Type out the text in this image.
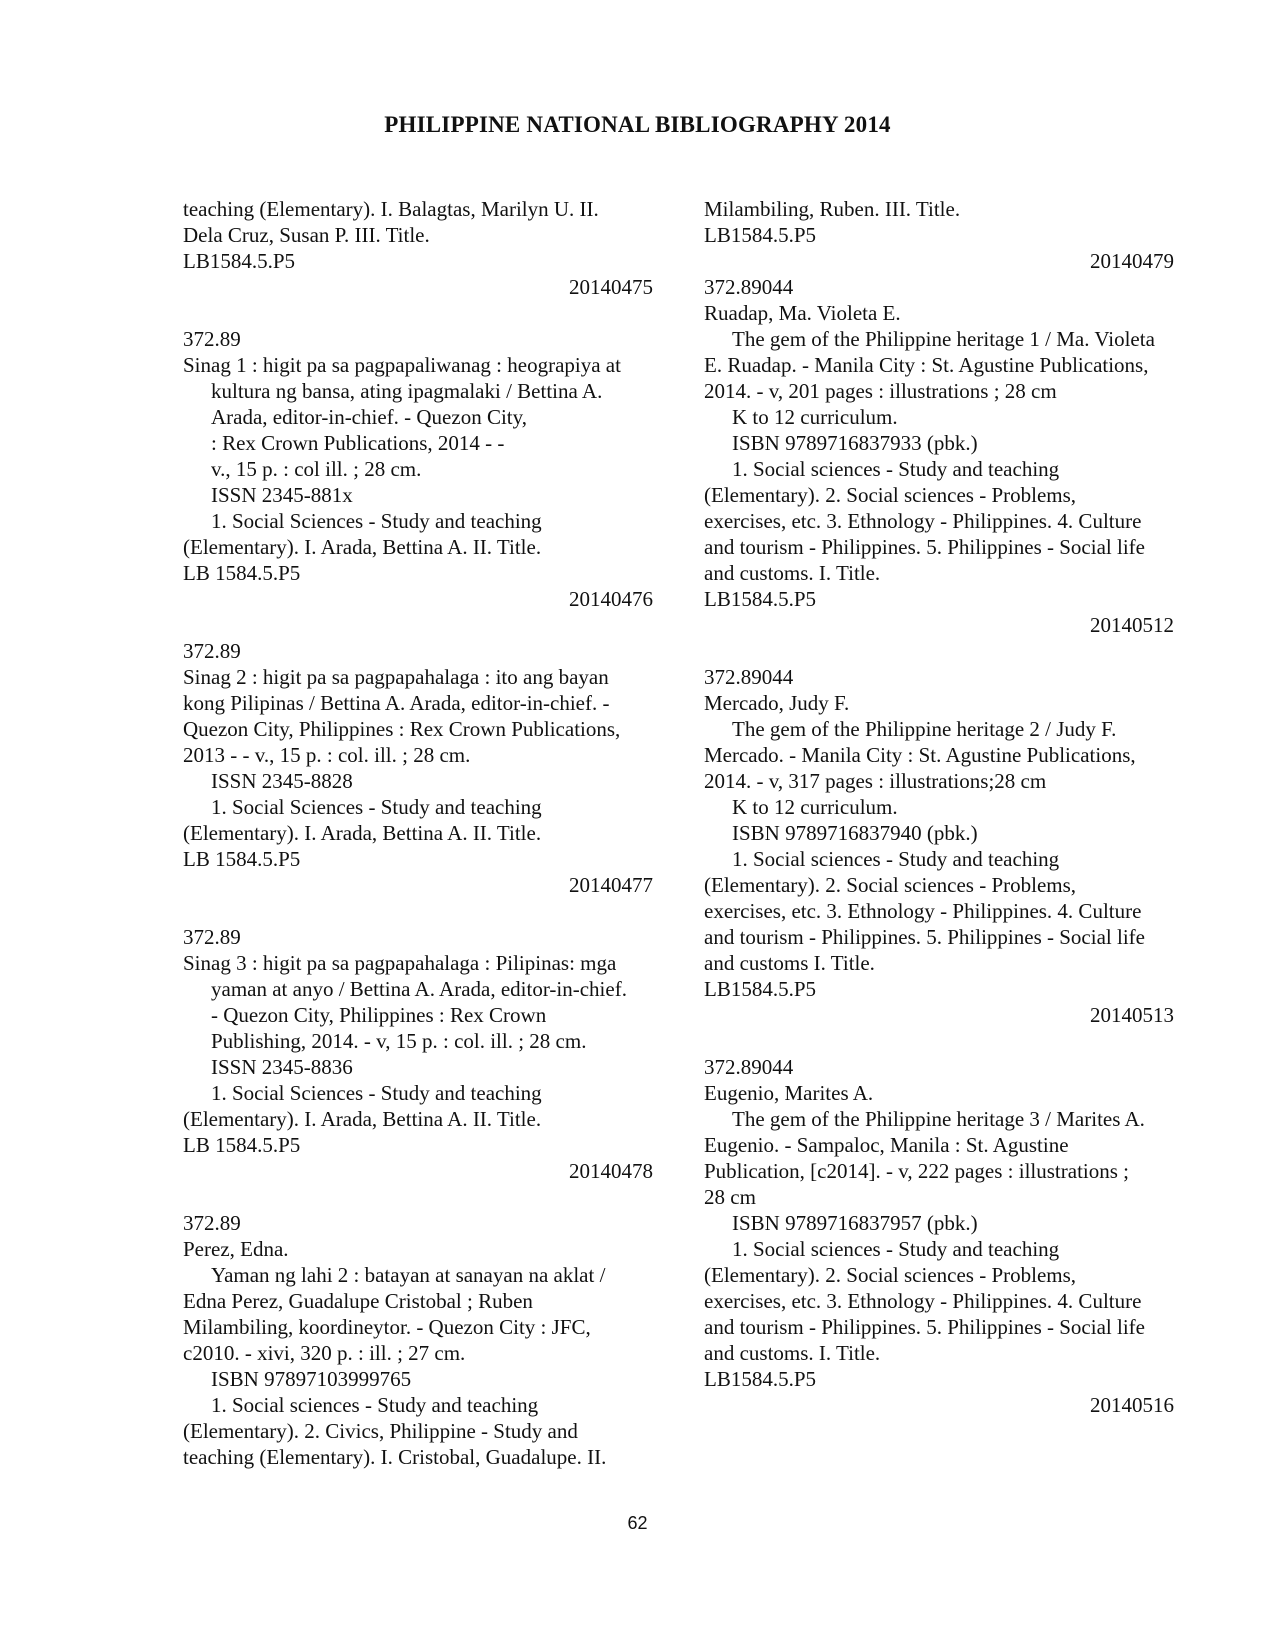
PHILIPPINE NATIONAL BIBLIOGRAPHY 2014
teaching (Elementary). I. Balagtas, Marilyn U. II.
Dela Cruz, Susan P. III. Title.
LB1584.5.P5
20140475
372.89
Sinag 1 : higit pa sa pagpapaliwanag : heograpiya at
kultura ng bansa, ating ipagmalaki / Bettina A.
Arada, editor-in-chief. - Quezon City,
: Rex Crown Publications, 2014 - -
v., 15 p. : col ill. ; 28 cm.
ISSN 2345-881x
1. Social Sciences - Study and teaching
(Elementary). I. Arada, Bettina A. II. Title.
LB 1584.5.P5
20140476
372.89
Sinag 2 : higit pa sa pagpapahalaga : ito ang bayan
kong Pilipinas / Bettina A. Arada, editor-in-chief. -
Quezon City, Philippines : Rex Crown Publications,
2013 - - v., 15 p. : col. ill. ; 28 cm.
ISSN 2345-8828
1. Social Sciences - Study and teaching
(Elementary). I. Arada, Bettina A. II. Title.
LB 1584.5.P5
20140477
372.89
Sinag 3 : higit pa sa pagpapahalaga : Pilipinas: mga
yaman at anyo / Bettina A. Arada, editor-in-chief.
- Quezon City, Philippines : Rex Crown
Publishing, 2014. - v, 15 p. : col. ill. ; 28 cm.
ISSN 2345-8836
1. Social Sciences - Study and teaching
(Elementary). I. Arada, Bettina A. II. Title.
LB 1584.5.P5
20140478
372.89
Perez, Edna.
Yaman ng lahi 2 : batayan at sanayan na aklat /
Edna Perez, Guadalupe Cristobal ; Ruben
Milambiling, koordineytor. - Quezon City : JFC,
c2010. - xivi, 320 p. : ill. ; 27 cm.
ISBN 97897103999765
1. Social sciences - Study and teaching
(Elementary). 2. Civics, Philippine - Study and
teaching (Elementary). I. Cristobal, Guadalupe. II.
Milambiling, Ruben. III. Title.
LB1584.5.P5
20140479
372.89044
Ruadap, Ma. Violeta E.
The gem of the Philippine heritage 1 / Ma. Violeta
E. Ruadap. - Manila City : St. Agustine Publications,
2014. - v, 201 pages : illustrations ; 28 cm
K to 12 curriculum.
ISBN 9789716837933 (pbk.)
1. Social sciences - Study and teaching
(Elementary). 2. Social sciences - Problems,
exercises, etc. 3. Ethnology - Philippines. 4. Culture
and tourism - Philippines. 5. Philippines - Social life
and customs. I. Title.
LB1584.5.P5
20140512
372.89044
Mercado, Judy F.
The gem of the Philippine heritage 2 / Judy F.
Mercado. - Manila City : St. Agustine Publications,
2014. - v, 317 pages : illustrations;28 cm
K to 12 curriculum.
ISBN 9789716837940 (pbk.)
1. Social sciences - Study and teaching
(Elementary). 2. Social sciences - Problems,
exercises, etc. 3. Ethnology - Philippines. 4. Culture
and tourism - Philippines. 5. Philippines - Social life
and customs I. Title.
LB1584.5.P5
20140513
372.89044
Eugenio, Marites A.
The gem of the Philippine heritage 3 / Marites A.
Eugenio. - Sampaloc, Manila : St. Agustine
Publication, [c2014]. - v, 222 pages : illustrations ;
28 cm
ISBN 9789716837957 (pbk.)
1. Social sciences - Study and teaching
(Elementary). 2. Social sciences - Problems,
exercises, etc. 3. Ethnology - Philippines. 4. Culture
and tourism - Philippines. 5. Philippines - Social life
and customs. I. Title.
LB1584.5.P5
20140516
62
